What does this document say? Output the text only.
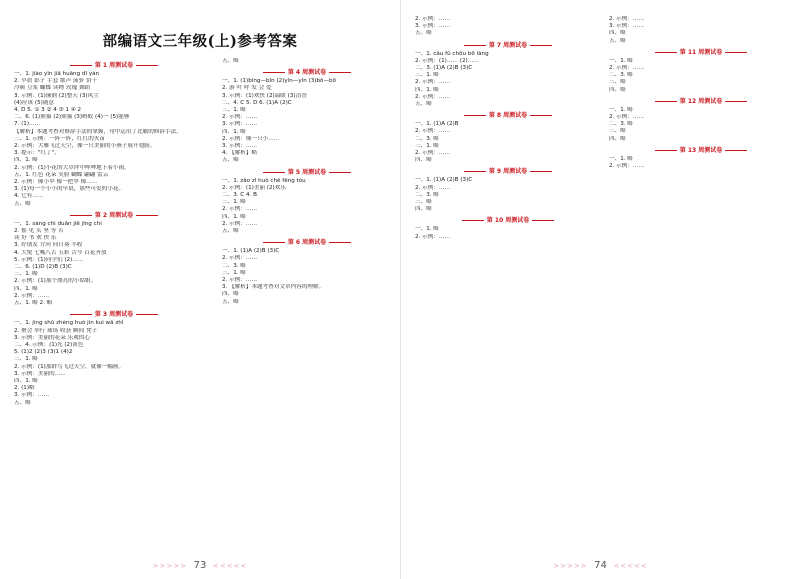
部编语文三年级(上)参考答案
第 1 周测试卷
一、1. jiào yǐn jiā huāng dī yàn
2. 早晨 影子 手套 歌声 菠萝 饼干
冷颜 豆浆 蝴蝶 读物 玫瑰 舞蹈
3. 示例：(1)颠倒 (2)整天 (3)风尘
(4)应该 (5)随意
4. D 5. ① 3 ② 4 ③ 1 ④ 2
二、6. (1)熊猫 (2)熊猫 (3)蚂蚁 (4)一 (5)能够
7. (1)……
【解析】本题考查对修辞手法的掌握，句中运用了比喻的修辞手法。
三、1. 示例：一阵一阵，红红的火苗
2. 示例：大雁飞过天空，像一只美丽的小燕子展开翅膀。
3. 提示："红了"。
四、1. 略
2. 示例：(1)小花的大草坪中哗哗地下着小雨。
五、1. 红色 花朵 笑脸 蝴蝶 翩翩 雷云
2. 示例：像小伞 像一把伞 像……
3. (1)每一个小小的早晨，那些可爱的小花。
4. 它有……
五、略
第 2 周测试卷
一、1. sàng chì duān jiē jīng chí
2. 摇 见 头 坚 等 苦
读 好 书 欢 快 乐
3. 好朋友 方向 向日葵 丰收
4. 大悦 七嘴八舌 五彩 古今 百花齐放
5. 示例：(1)同学们 (2)……
二、6. (1)D (2)B (3)C
三、1. 略
2. 示例：(1)那个漂亮的小姑娘。
四、1. 略
2. 示例：……
五、1. 略 2. 略
第 3 周测试卷
一、1. jìng shǔ zhèng huǒ jìn kuì wā zhǐ
2. 聚会 举行 球场 收获 瞬间 凳子
3. 示例：美丽的花朵 乐观的心
二、4. 示例：(1)光 (2)黄色
5. (1)2 (2)3 (3)1 (4)2
三、1. 略
2. 示例：(1)那群鸟飞过天空，就像一幅画。
3. 示例：美丽的……
四、1. 略
2. (1)略
3. 示例：……
五、略
五、略
第 4 周测试卷
一、1. (1)bīng—bīn (2)yǐn—yǐn (3)bō—bō
2. 游 叶 呼 发 会 爱
3. 示例：(1)欢快 (2)温暖 (3)清香
二、4. C 5. D 6. (1)A (2)C
三、1. 略
2. 示例：……
3. 示例：……
四、1. 略
2. 示例：像一只小……
3. 示例：……
4. 【解析】略
五、略
第 5 周测试卷
一、1. zǎo zǐ huǒ chē fēng tóu
2. 示例：(1)美丽 (2)欢乐
二、3. C 4. B
三、1. 略
2. 示例：……
四、1. 略
2. 示例：……
五、略
第 6 周测试卷
一、1. (1)A (2)B (3)C
2. 示例：……
二、3. 略
三、1. 略
2. 示例：……
3. 【解析】本题考查对文章内容的理解。
四、略
五、略
>>>>> 73 <<<<<
2. 示例：……
3. 示例：……
五、略
第 7 周测试卷
一、1. cǎu fǔ chōu bō làng
2. 示例：(1)…… (2)……
二、3. (1)A (2)B (3)C
三、1. 略
2. 示例：……
四、1. 略
2. 示例：……
五、略
第 8 周测试卷
一、1. (1)A (2)B
2. 示例：……
二、3. 略
三、1. 略
2. 示例：……
四、略
第 9 周测试卷
一、1. (1)A (2)B (3)C
2. 示例：……
二、3. 略
三、略
四、略
第 10 周测试卷
一、1. 略
2. 示例：……
2. 示例：……
3. 示例：……
四、略
五、略
第 11 周测试卷
一、1. 略
2. 示例：……
二、3. 略
三、略
四、略
第 12 周测试卷
一、1. 略
2. 示例：……
二、3. 略
三、略
四、略
第 13 周测试卷
一、1. 略
2. 示例：……
>>>>> 74 <<<<<
